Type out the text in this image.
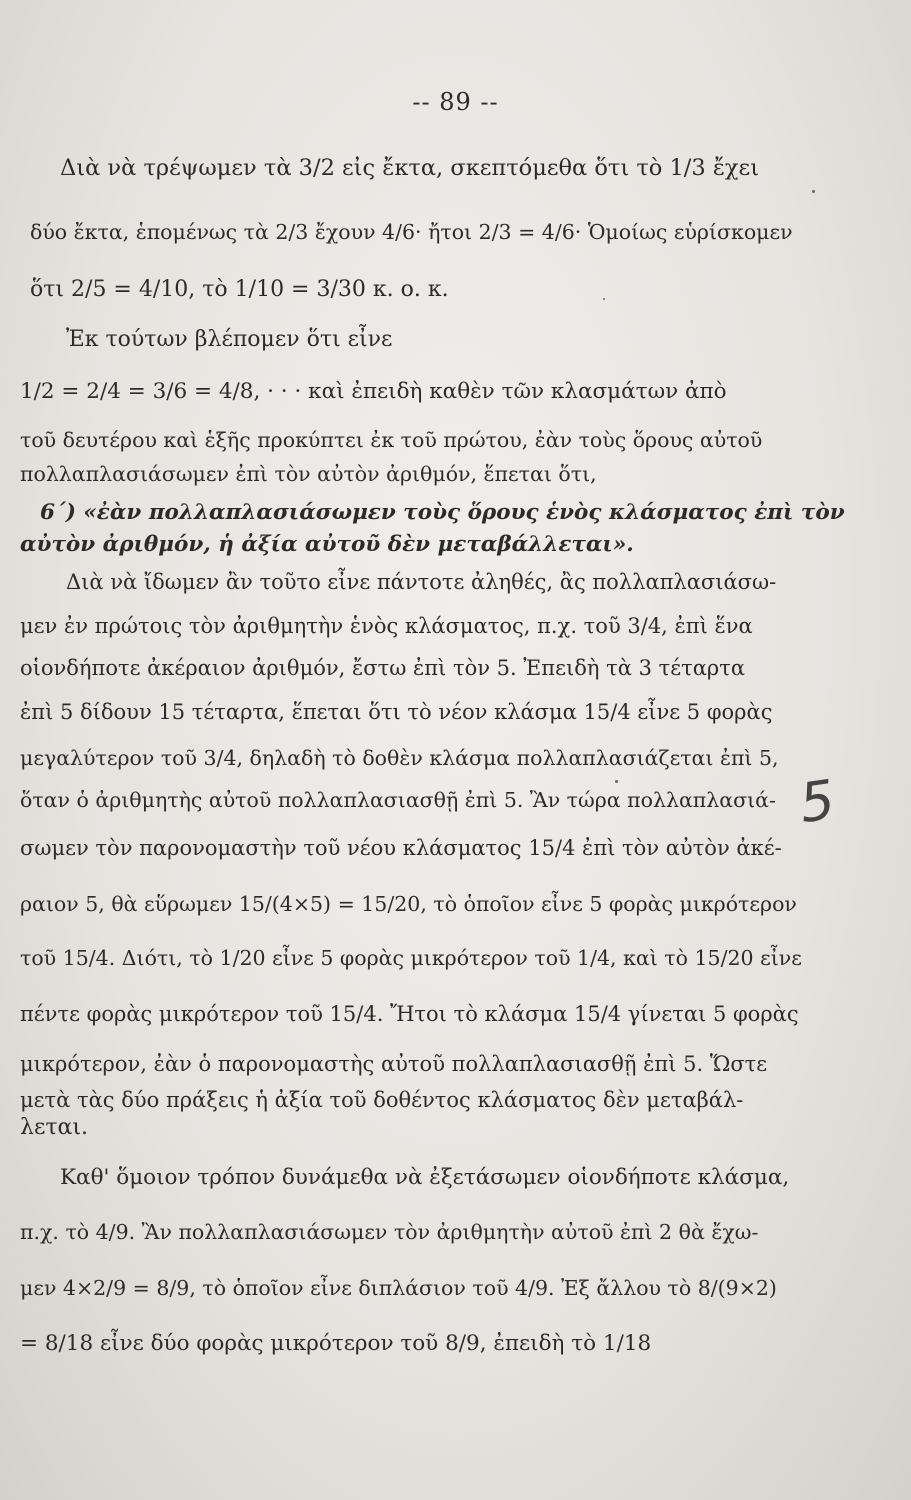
-- 89 --
Διὰ νὰ τρέψωμεν τὰ 3/2 εἰς ἔκτα, σκεπτόμεθα ὅτι τὸ 1/3 ἔχει
δύο ἔκτα, ἑπομένως τὰ 2/3 ἔχουν 4/6· ἤτοι 2/3 = 4/6· Ὁμοίως εὑρίσκομεν
ὅτι 2/5 = 4/10, τὸ 1/10 = 3/30 κ. ο. κ.
Ἐκ τούτων βλέπομεν ὅτι εἶνε
1/2 = 2/4 = 3/6 = 4/8, · · · καὶ ἐπειδὴ καθὲν τῶν κλασμάτων ἀπὸ
τοῦ δευτέρου καὶ ἑξῆς προκύπτει ἐκ τοῦ πρώτου, ἐὰν τοὺς ὅρους αὐτοῦ
πολλαπλασιάσωμεν ἐπὶ τὸν αὐτὸν ἀριθμόν, ἕπεται ὅτι,
6΄) «ἐὰν πολλαπλασιάσωμεν τοὺς ὅρους ἑνὸς κλάσματος ἐπὶ τὸν
αὐτὸν ἀριθμόν, ἡ ἀξία αὐτοῦ δὲν μεταβάλλεται».
Διὰ νὰ ἴδωμεν ἂν τοῦτο εἶνε πάντοτε ἀληθές, ἂς πολλαπλασιάσω-
μεν ἐν πρώτοις τὸν ἀριθμητὴν ἑνὸς κλάσματος, π.χ. τοῦ 3/4, ἐπὶ ἕνα
οἱονδήποτε ἀκέραιον ἀριθμόν, ἔστω ἐπὶ τὸν 5. Ἐπειδὴ τὰ 3 τέταρτα
ἐπὶ 5 δίδουν 15 τέταρτα, ἕπεται ὅτι τὸ νέον κλάσμα 15/4 εἶνε 5 φορὰς
μεγαλύτερον τοῦ 3/4, δηλαδὴ τὸ δοθὲν κλάσμα πολλαπλασιάζεται ἐπὶ 5,
ὅταν ὁ ἀριθμητὴς αὐτοῦ πολλαπλασιασθῇ ἐπὶ 5. Ἂν τώρα πολλαπλασιά-
σωμεν τὸν παρονομαστὴν τοῦ νέου κλάσματος 15/4 ἐπὶ τὸν αὐτὸν ἀκέ-
ραιον 5, θὰ εὕρωμεν 15/(4×5) = 15/20, τὸ ὁποῖον εἶνε 5 φορὰς μικρότερον
τοῦ 15/4. Διότι, τὸ 1/20 εἶνε 5 φορὰς μικρότερον τοῦ 1/4, καὶ τὸ 15/20 εἶνε
πέντε φορὰς μικρότερον τοῦ 15/4. Ἤτοι τὸ κλάσμα 15/4 γίνεται 5 φορὰς
μικρότερον, ἐὰν ὁ παρονομαστὴς αὐτοῦ πολλαπλασιασθῇ ἐπὶ 5. Ὥστε
μετὰ τὰς δύο πράξεις ἡ ἀξία τοῦ δοθέντος κλάσματος δὲν μεταβάλ-
λεται.
Καθ' ὅμοιον τρόπον δυνάμεθα νὰ ἐξετάσωμεν οἱονδήποτε κλάσμα,
π.χ. τὸ 4/9. Ἂν πολλαπλασιάσωμεν τὸν ἀριθμητὴν αὐτοῦ ἐπὶ 2 θὰ ἔχω-
μεν 4×2/9 = 8/9, τὸ ὁποῖον εἶνε διπλάσιον τοῦ 4/9. Ἐξ ἄλλου τὸ 8/(9×2)
= 8/18 εἶνε δύο φορὰς μικρότερον τοῦ 8/9, ἐπειδὴ τὸ 1/18
5
